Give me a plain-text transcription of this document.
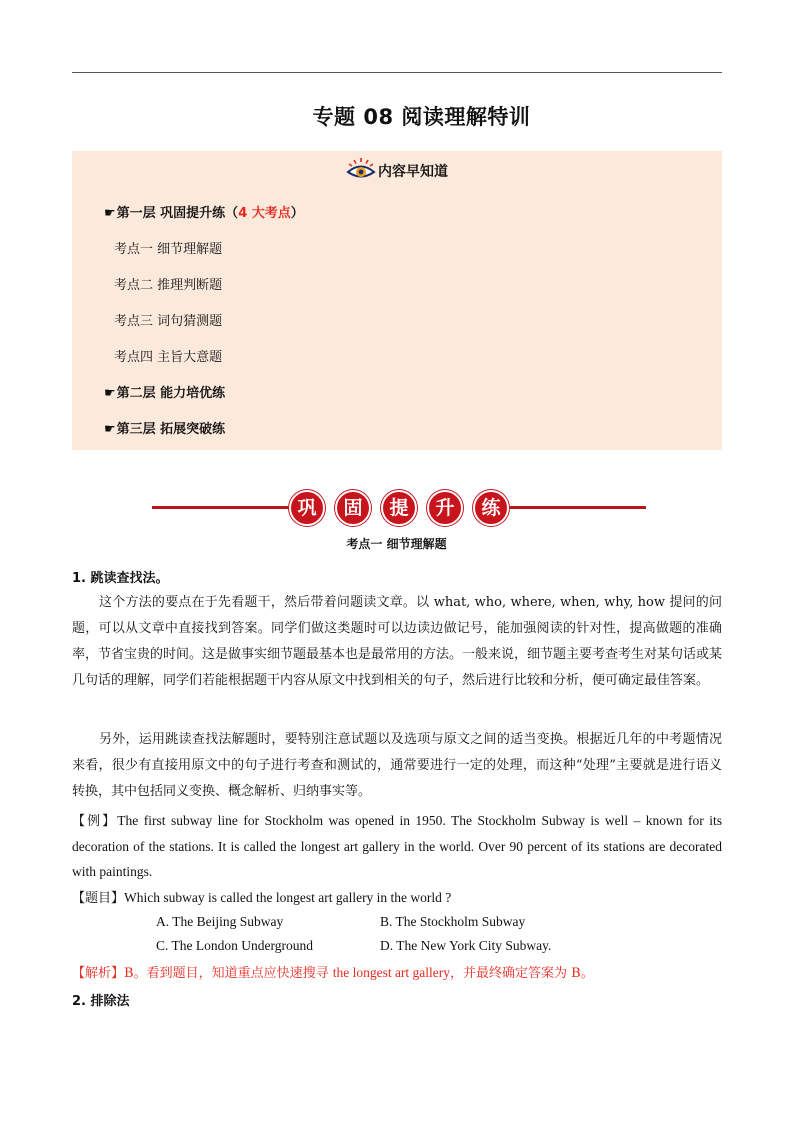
专题 08 阅读理解特训
内容早知道
☛第一层 巩固提升练（4 大考点）
考点一 细节理解题
考点二 推理判断题
考点三 词句猜测题
考点四 主旨大意题
☛第二层 能力培优练
☛第三层 拓展突破练
巩	固	提	升	练
考点一 细节理解题
1. 跳读查找法。

这个方法的要点在于先看题干，然后带着问题读文章。以 what, who, where, when, why, how 提问的问题，可以从文章中直接找到答案。同学们做这类题时可以边读边做记号，能加强阅读的针对性，提高做题的准确率，节省宝贵的时间。这是做事实细节题最基本也是最常用的方法。一般来说，细节题主要考查考生对某句话或某几句话的理解，同学们若能根据题干内容从原文中找到相关的句子，然后进行比较和分析，便可确定最佳答案。

另外，运用跳读查找法解题时，要特别注意试题以及选项与原文之间的适当变换。根据近几年的中考题情况来看，很少有直接用原文中的句子进行考查和测试的，通常要进行一定的处理，而这种“处理”主要就是进行语义转换，其中包括同义变换、概念解析、归纳事实等。

【例】The first subway line for Stockholm was opened in 1950. The Stockholm Subway is well – known for its decoration of the stations. It is called the longest art gallery in the world. Over 90 percent of its stations are decorated with paintings.

【题目】Which subway is called the longest art gallery in the world ?
A. The Beijing Subway	B. The Stockholm Subway
C. The London Underground	D. The New York City Subway.
【解析】B。看到题目，知道重点应快速搜寻 the longest art gallery，并最终确定答案为 B。
2. 排除法
